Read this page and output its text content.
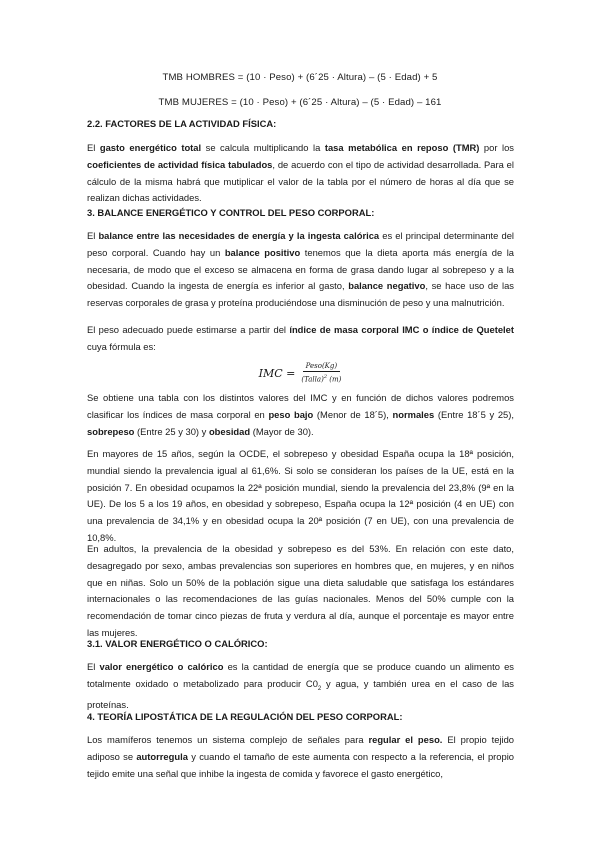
TMB HOMBRES = (10 · Peso) + (6´25 · Altura) – (5 · Edad) + 5
TMB MUJERES = (10 · Peso) + (6´25 · Altura) – (5 · Edad) – 161
2.2. FACTORES DE LA ACTIVIDAD FÍSICA:
El gasto energético total se calcula multiplicando la tasa metabólica en reposo (TMR) por los coeficientes de actividad física tabulados, de acuerdo con el tipo de actividad desarrollada. Para el cálculo de la misma habrá que mutiplicar el valor de la tabla por el número de horas al día que se realizan dichas actividades.
3. BALANCE ENERGÉTICO Y CONTROL DEL PESO CORPORAL:
El balance entre las necesidades de energía y la ingesta calórica es el principal determinante del peso corporal. Cuando hay un balance positivo tenemos que la dieta aporta más energía de la necesaria, de modo que el exceso se almacena en forma de grasa dando lugar al sobrepeso y a la obesidad. Cuando la ingesta de energía es inferior al gasto, balance negativo, se hace uso de las reservas corporales de grasa y proteína produciéndose una disminución de peso y una malnutrición.
El peso adecuado puede estimarse a partir del índice de masa corporal IMC o índice de Quetelet cuya fórmula es:
IMC = $\frac{\text{Peso(Kg)}}{(Talla)^2 (m)}$
Se obtiene una tabla con los distintos valores del IMC y en función de dichos valores podremos clasificar los índices de masa corporal en peso bajo (Menor de 18´5), normales (Entre 18´5 y 25), sobrepeso (Entre 25 y 30) y obesidad (Mayor de 30).
En mayores de 15 años, según la OCDE, el sobrepeso y obesidad España ocupa la 18ª posición, mundial siendo la prevalencia igual al 61,6%. Si solo se consideran los países de la UE, está en la posición 7. En obesidad ocupamos la 22ª posición mundial, siendo la prevalencia del 23,8% (9ª en la UE). De los 5 a los 19 años, en obesidad y sobrepeso, España ocupa la 12ª posición (4 en UE) con una prevalencia de 34,1% y en obesidad ocupa la 20ª posición (7 en UE), con una prevalencia de 10,8%.
En adultos, la prevalencia de la obesidad y sobrepeso es del 53%. En relación con este dato, desagregado por sexo, ambas prevalencias son superiores en hombres que, en mujeres, y en niños que en niñas. Solo un 50% de la población sigue una dieta saludable que satisfaga los estándares internacionales o las recomendaciones de las guías nacionales. Menos del 50% cumple con la recomendación de tomar cinco piezas de fruta y verdura al día, aunque el porcentaje es mayor entre las mujeres.
3.1. VALOR ENERGÉTICO O CALÓRICO:
El valor energético o calórico es la cantidad de energía que se produce cuando un alimento es totalmente oxidado o metabolizado para producir $C0_2$ y agua, y también urea en el caso de las proteínas.
4. TEORÍA LIPOSTÁTICA DE LA REGULACIÓN DEL PESO CORPORAL:
Los mamíferos tenemos un sistema complejo de señales para regular el peso. El propio tejido adiposo se autorregula y cuando el tamaño de este aumenta con respecto a la referencia, el propio tejido emite una señal que inhibe la ingesta de comida y favorece el gasto energético,
